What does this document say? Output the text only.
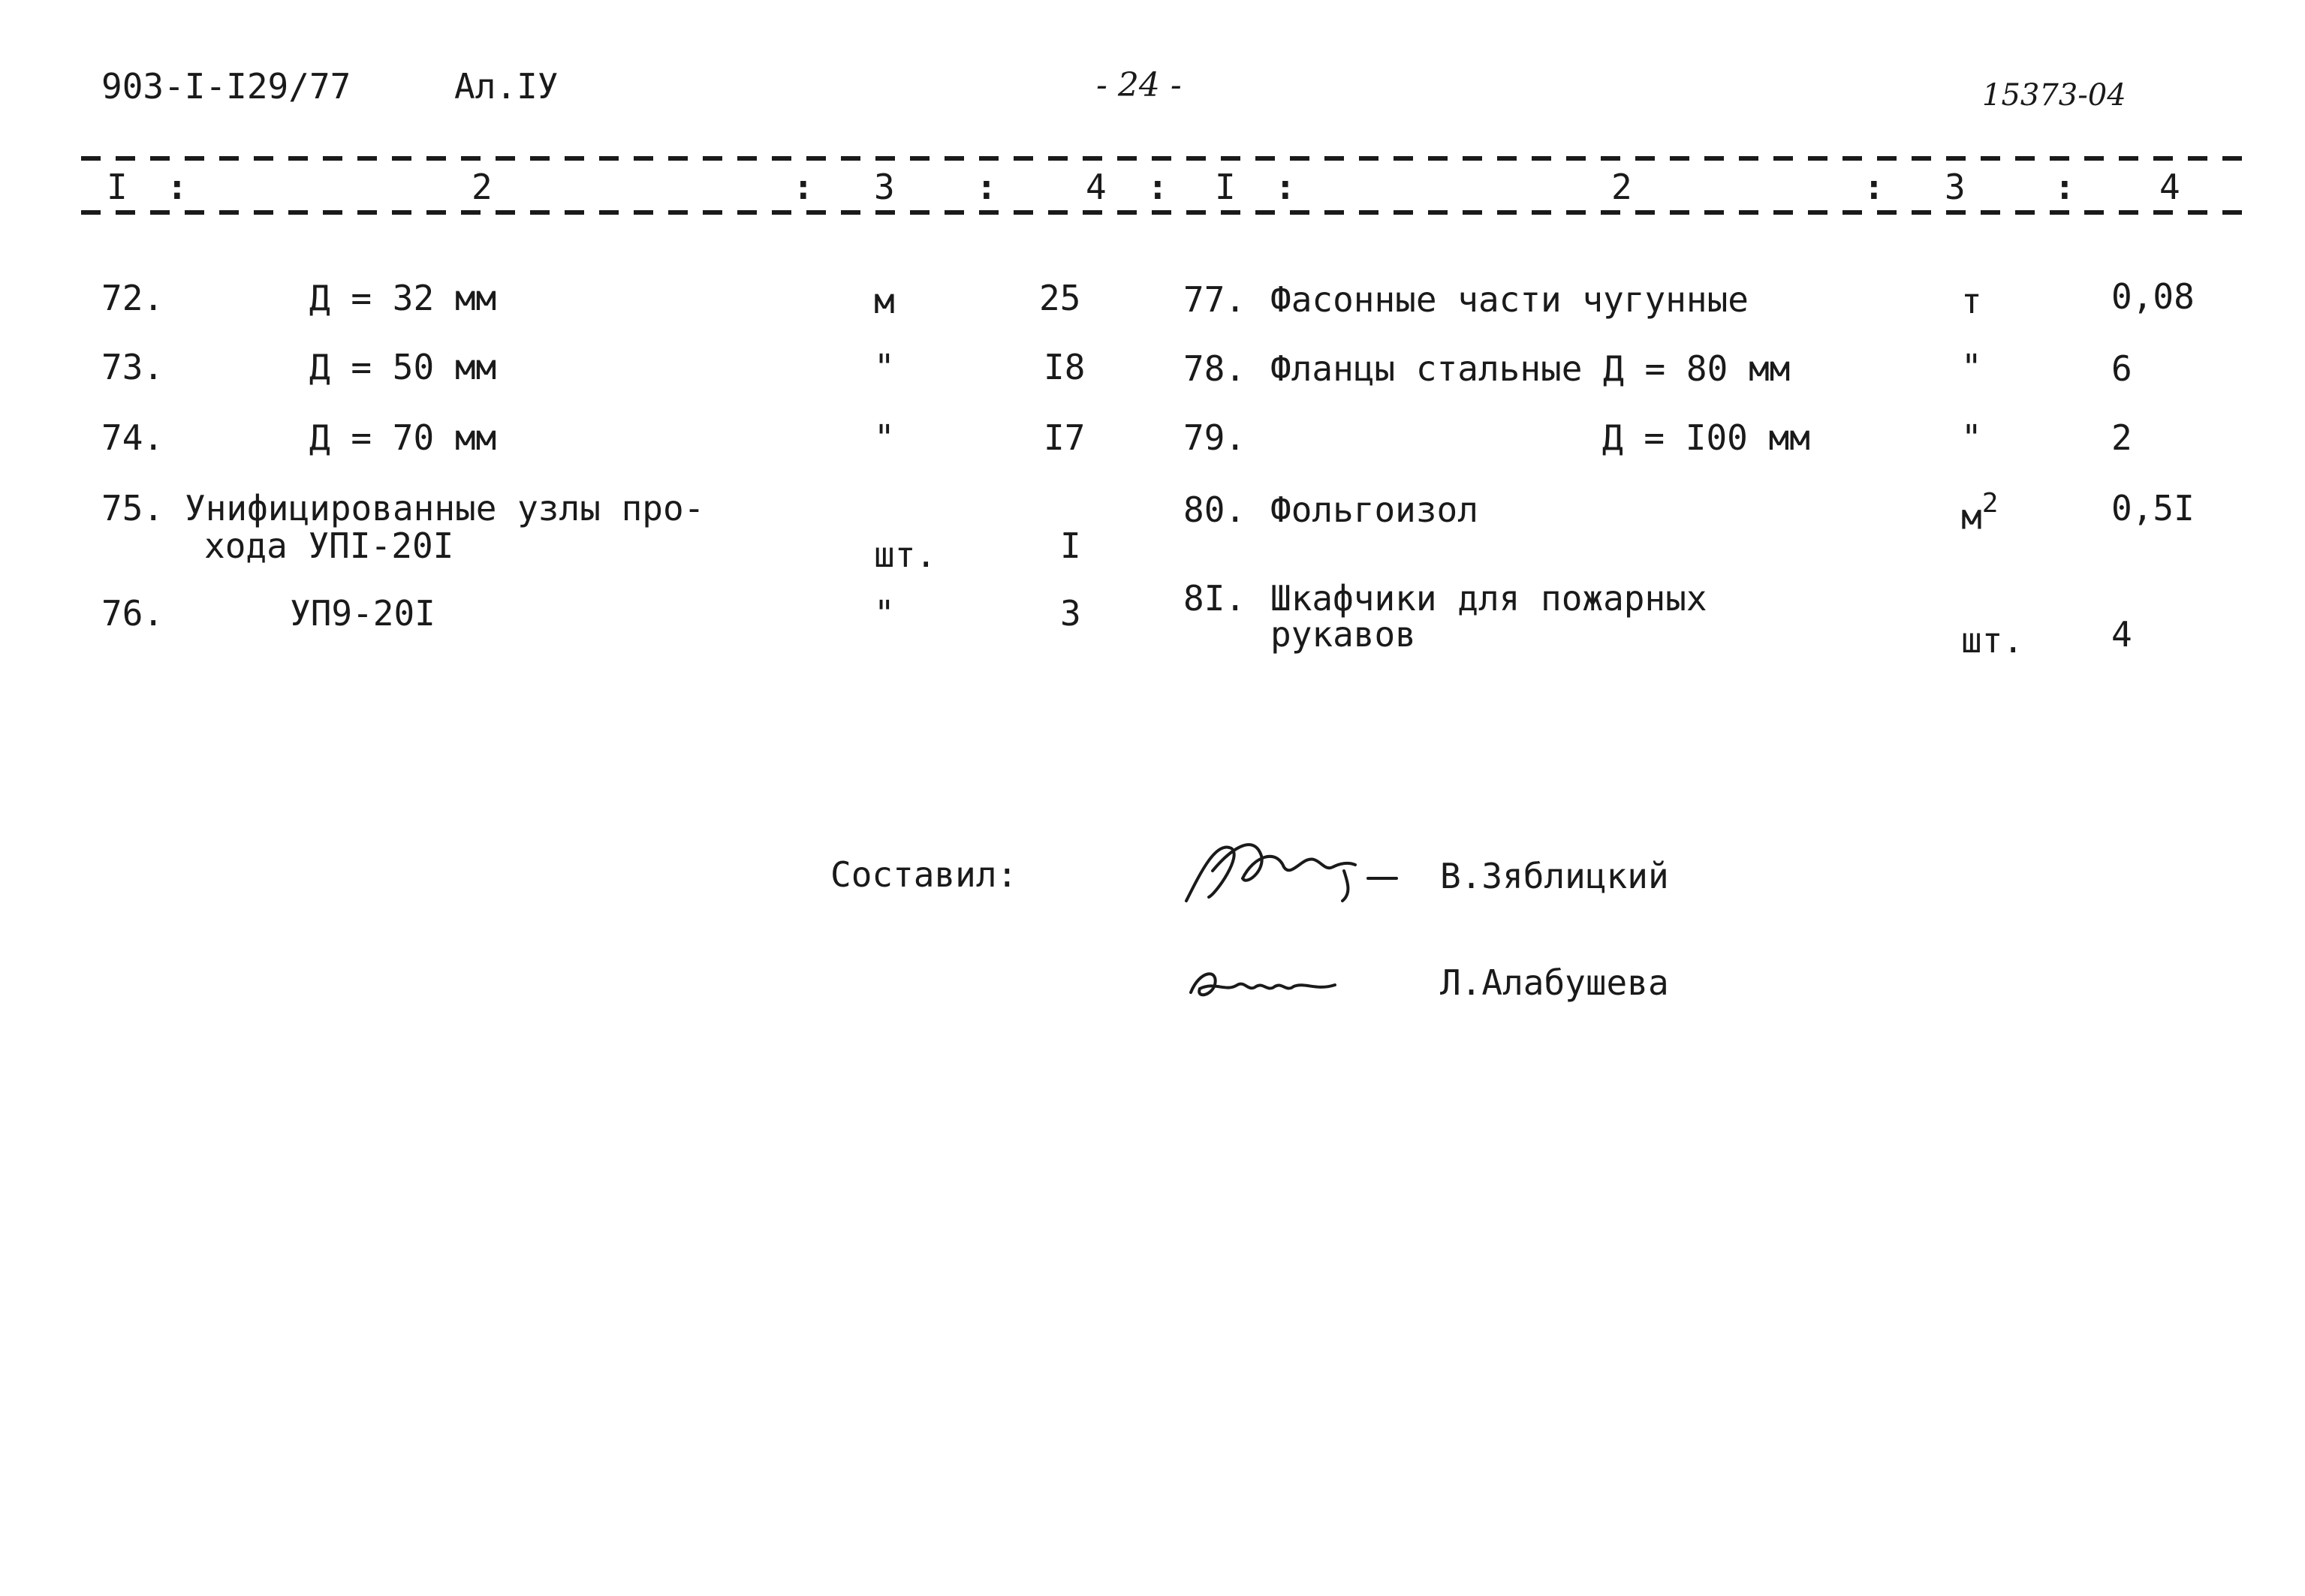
903-I-I29/77	Ал.IУ	- 24 -	15373-04
I :	2	: 3 :	4 : I :	2	: 3	: 4
72.	Д = 32 мм	м	25
73.	Д = 50 мм	"	I8
74.	Д = 70 мм	"	I7
75. Унифицированные узлы про-
хода УПI-20I	шт.	I
76.	УП9-20I	"	3
77. Фасонные части чугунные	т	0,08
78. Фланцы стальные Д = 80 мм	"	6
79.	Д = I00 мм	"	2
80. Фольгоизол	$м^2$	0,5I
8I. Шкафчики для пожарных
рукавов	шт.	4
Составил:	В.Зяблицкий
Л.Алабушева
